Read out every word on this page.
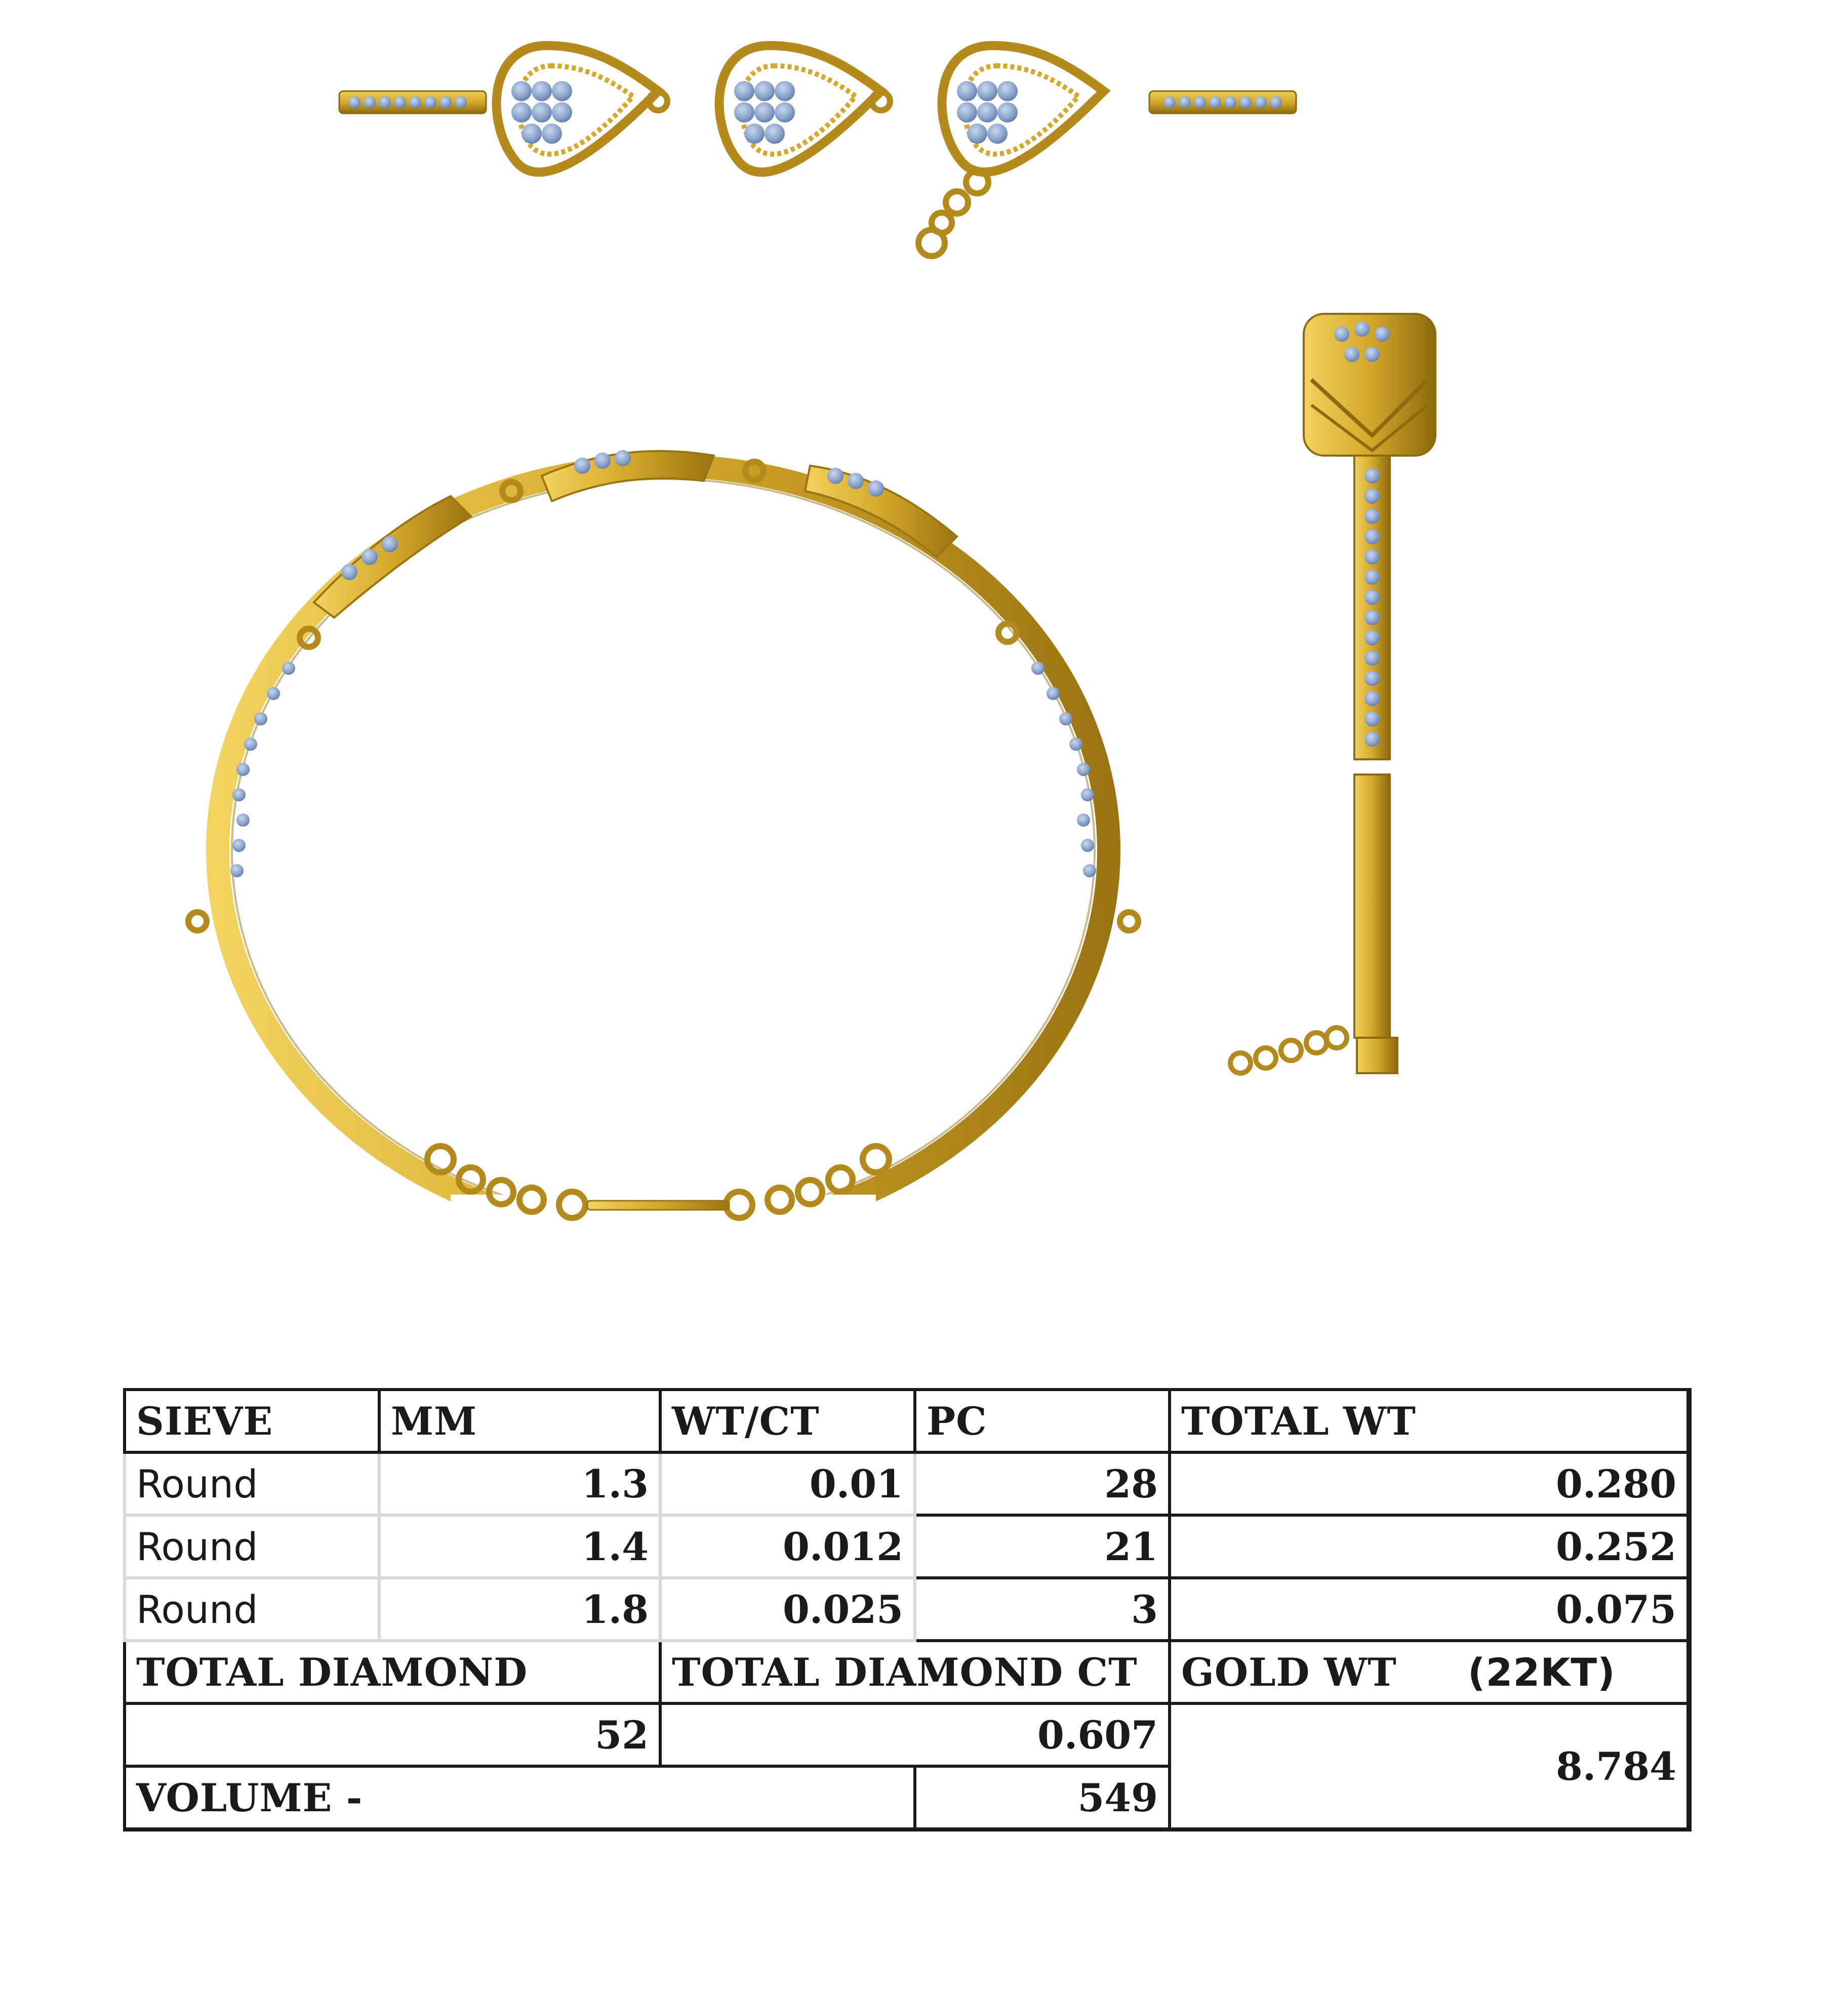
SIEVE	MM	WT/CT	PC	TOTAL WT
Round	1.3	0.01	28	0.280
Round	1.4	0.012	21	0.252
Round	1.8	0.025	3	0.075
TOTAL DIAMOND		TOTAL DIAMOND CT		GOLD WT (22KT)
52		0.607		8.784
VOLUME -			549	
